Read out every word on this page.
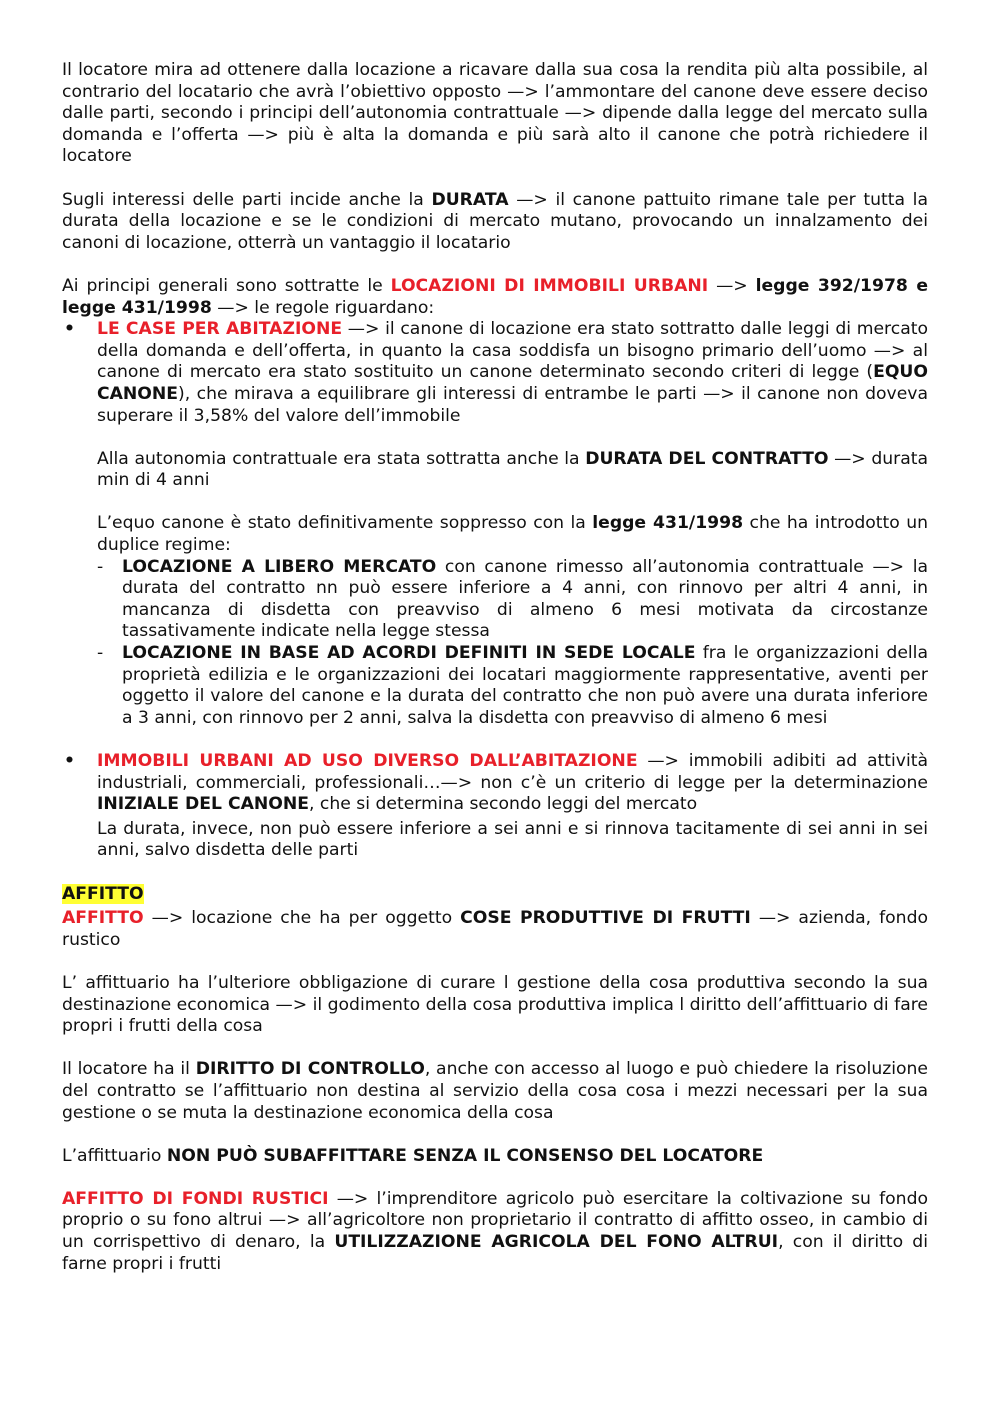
Il locatore mira ad ottenere dalla locazione a ricavare dalla sua cosa la rendita più alta possibile, al contrario del locatario che avrà l’obiettivo opposto —> l’ammontare del canone deve essere deciso dalle parti, secondo i principi dell’autonomia contrattuale —> dipende dalla legge del mercato sulla domanda e l’offerta —> più è alta la domanda e più sarà alto il canone che potrà richiedere il locatore

Sugli interessi delle parti incide anche la DURATA —> il canone pattuito rimane tale per tutta la durata della locazione e se le condizioni di mercato mutano, provocando un innalzamento dei canoni di locazione, otterrà un vantaggio il locatario

Ai principi generali sono sottratte le LOCAZIONI DI IMMOBILI URBANI —> legge 392/1978 e legge 431/1998 —> le regole riguardano:

• LE CASE PER ABITAZIONE —> il canone di locazione era stato sottratto dalle leggi di mercato della domanda e dell’offerta, in quanto la casa soddisfa un bisogno primario dell’uomo —> al canone di mercato era stato sostituito un canone determinato secondo criteri di legge (EQUO CANONE), che mirava a equilibrare gli interessi di entrambe le parti —> il canone non doveva superare il 3,58% del valore dell’immobile

Alla autonomia contrattuale era stata sottratta anche la DURATA DEL CONTRATTO —> durata min di 4 anni

L’equo canone è stato definitivamente soppresso con la legge 431/1998 che ha introdotto un duplice regime:

- LOCAZIONE A LIBERO MERCATO con canone rimesso all’autonomia contrattuale —> la durata del contratto nn può essere inferiore a 4 anni, con rinnovo per altri 4 anni, in mancanza di disdetta con preavviso di almeno 6 mesi motivata da circostanze tassativamente indicate nella legge stessa

- LOCAZIONE IN BASE AD ACORDI DEFINITI IN SEDE LOCALE fra le organizzazioni della proprietà edilizia e le organizzazioni dei locatari maggiormente rappresentative, aventi per oggetto il valore del canone e la durata del contratto che non può avere una durata inferiore a 3 anni, con rinnovo per 2 anni, salva la disdetta con preavviso di almeno 6 mesi

• IMMOBILI URBANI AD USO DIVERSO DALL’ABITAZIONE —> immobili adibiti ad attività industriali, commerciali, professionali…—> non c’è un criterio di legge per la determinazione INIZIALE DEL CANONE, che si determina secondo leggi del mercato

La durata, invece, non può essere inferiore a sei anni e si rinnova tacitamente di sei anni in sei anni, salvo disdetta delle parti

AFFITTO

AFFITTO —> locazione che ha per oggetto COSE PRODUTTIVE DI FRUTTI —> azienda, fondo rustico

L’ affittuario ha l’ulteriore obbligazione di curare l gestione della cosa produttiva secondo la sua destinazione economica —> il godimento della cosa produttiva implica l diritto dell’affittuario di fare propri i frutti della cosa

Il locatore ha il DIRITTO DI CONTROLLO, anche con accesso al luogo e può chiedere la risoluzione del contratto se l’affittuario non destina al servizio della cosa cosa i mezzi necessari per la sua gestione o se muta la destinazione economica della cosa

L’affittuario NON PUÒ SUBAFFITTARE SENZA IL CONSENSO DEL LOCATORE

AFFITTO DI FONDI RUSTICI —> l’imprenditore agricolo può esercitare la coltivazione su fondo proprio o su fono altrui —> all’agricoltore non proprietario il contratto di affitto osseo, in cambio di un corrispettivo di denaro, la UTILIZZAZIONE AGRICOLA DEL FONO ALTRUI, con il diritto di farne propri i frutti
